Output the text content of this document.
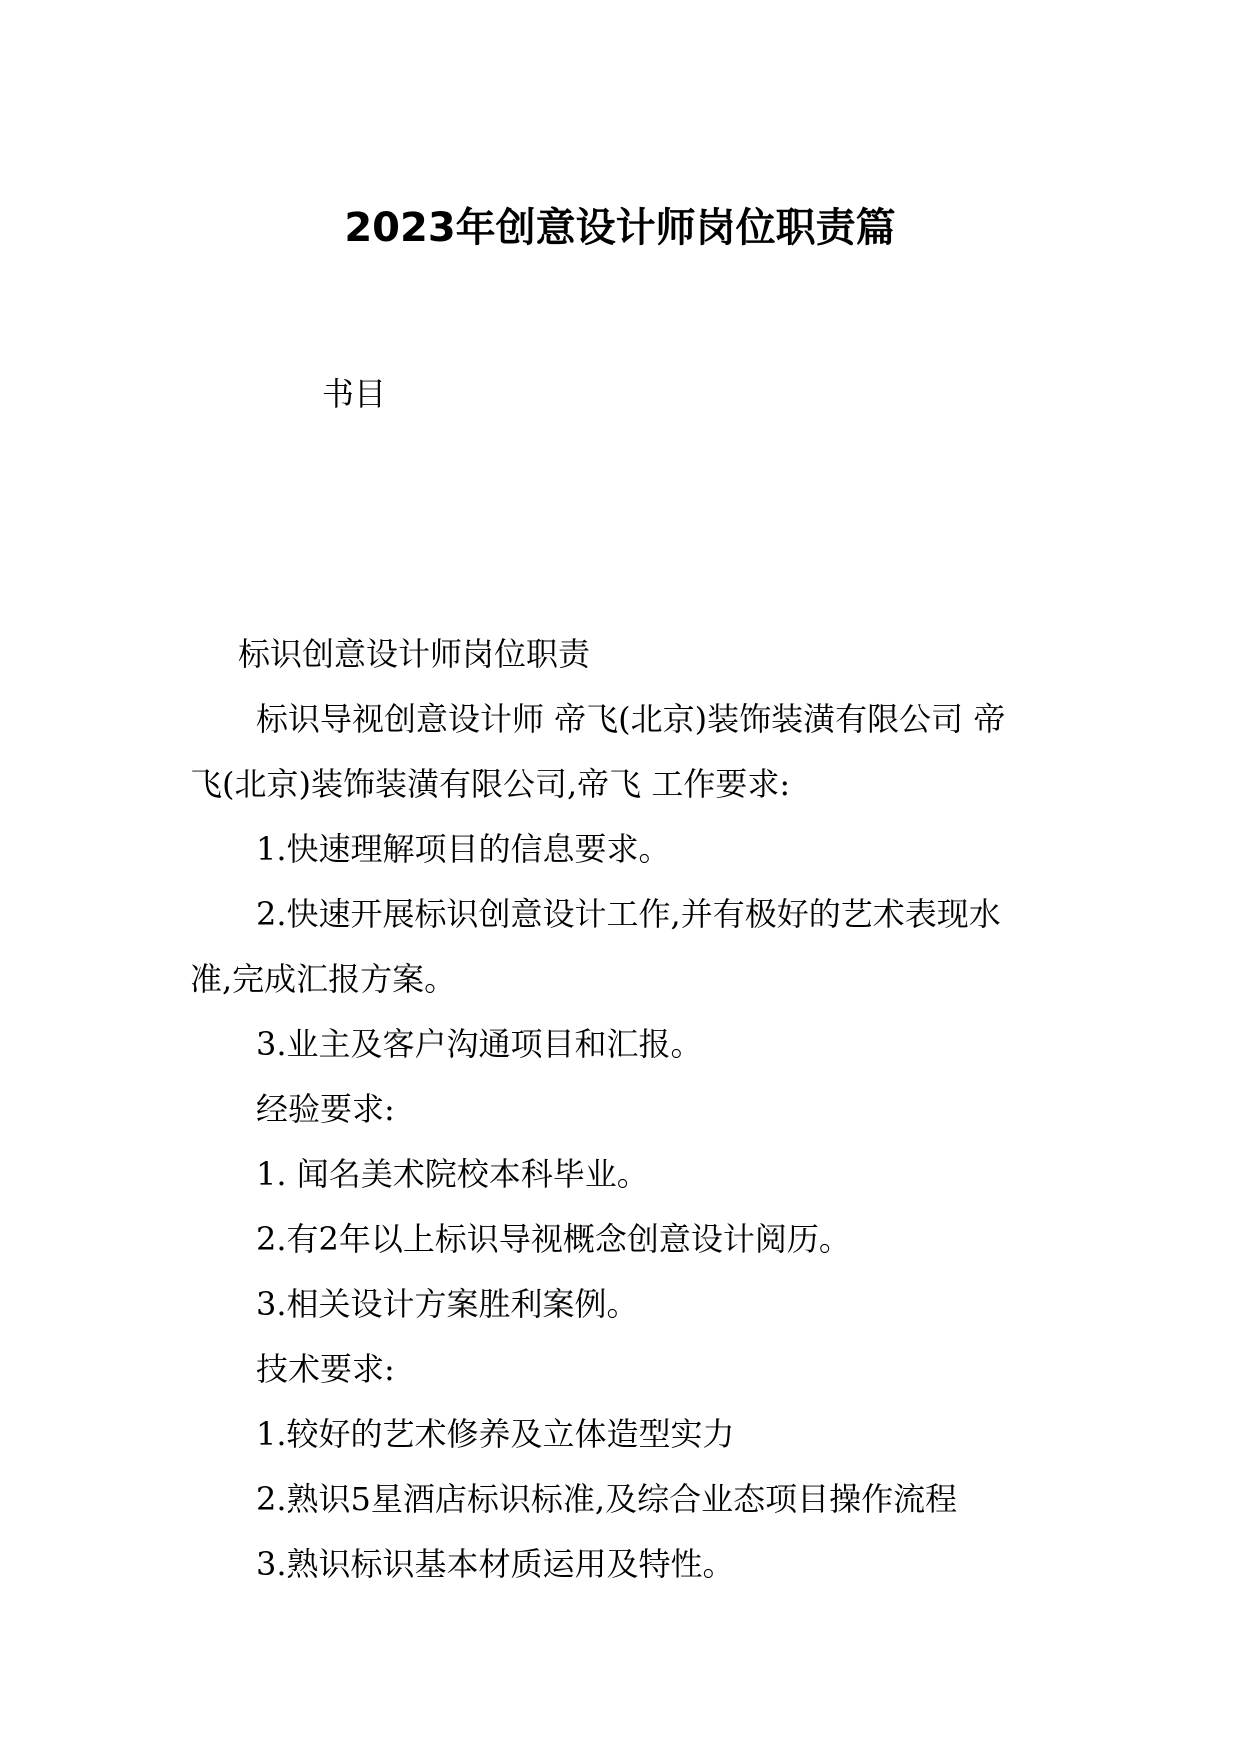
2023年创意设计师岗位职责篇

书目

标识创意设计师岗位职责

标识导视创意设计师 帝飞(北京)装饰装潢有限公司 帝

飞(北京)装饰装潢有限公司,帝飞 工作要求:

1.快速理解项目的信息要求。

2.快速开展标识创意设计工作,并有极好的艺术表现水

准,完成汇报方案。

3.业主及客户沟通项目和汇报。

经验要求:

1. 闻名美术院校本科毕业。

2.有2年以上标识导视概念创意设计阅历。

3.相关设计方案胜利案例。

技术要求:

1.较好的艺术修养及立体造型实力

2.熟识5星酒店标识标准,及综合业态项目操作流程

3.熟识标识基本材质运用及特性。
